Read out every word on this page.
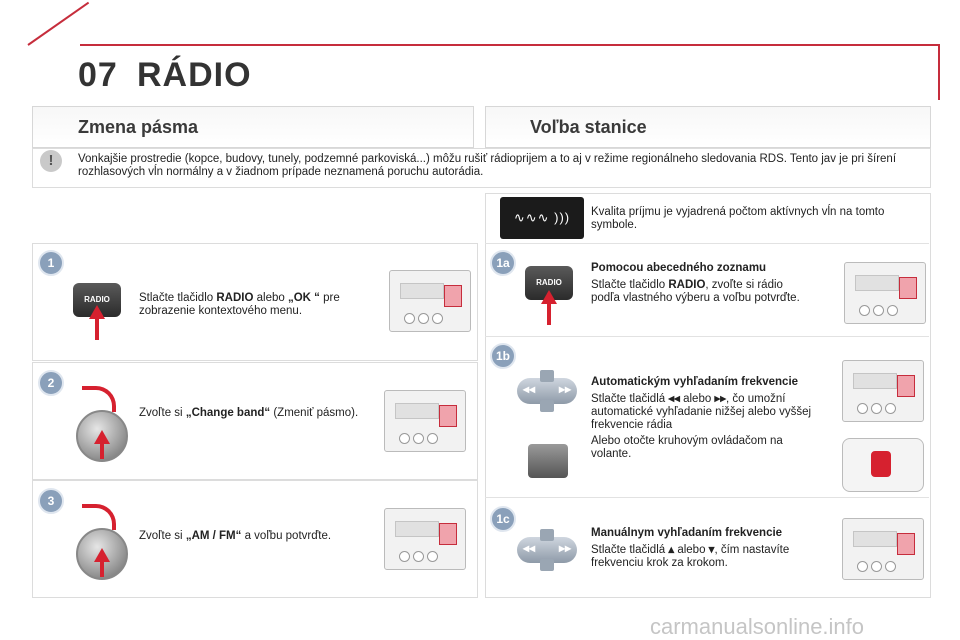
07 RÁDIO
Zmena pásma	Voľba stanice
!	Vonkajšie prostredie (kopce, budovy, tunely, podzemné parkoviská...) môžu rušiť rádioprijem a to aj v režime regionálneho sledovania RDS. Tento jav je pri šírení rozhlasových vĺn normálny a v žiadnom prípade neznamená poruchu autorádia.
1
RADIO	Stlačte tlačidlo RADIO alebo „OK “ pre zobrazenie kontextového menu.
2
Zvoľte si „Change band“ (Zmeniť pásmo).
3
Zvoľte si „AM / FM“ a voľbu potvrďte.
∿∿∿ )))	Kvalita príjmu je vyjadrená počtom aktívnych vĺn na tomto symbole.
1a
RADIO
Pomocou abecedného zoznamu
Stlačte tlačidlo RADIO, zvoľte si rádio podľa vlastného výberu a voľbu potvrďte.
1b
◂◂ ▸▸ Automatickým vyhľadaním frekvencie
Stlačte tlačidlá ◂◂ alebo ▸▸, čo umožní automatické vyhľadanie nižšej alebo vyššej frekvencie rádia
Alebo otočte kruhovým ovládačom na volante.
1c
◂◂ ▸▸
Manuálnym vyhľadaním frekvencie
Stlačte tlačidlá ▴ alebo ▾, čím nastavíte frekvenciu krok za krokom.
carmanualsonline.info
